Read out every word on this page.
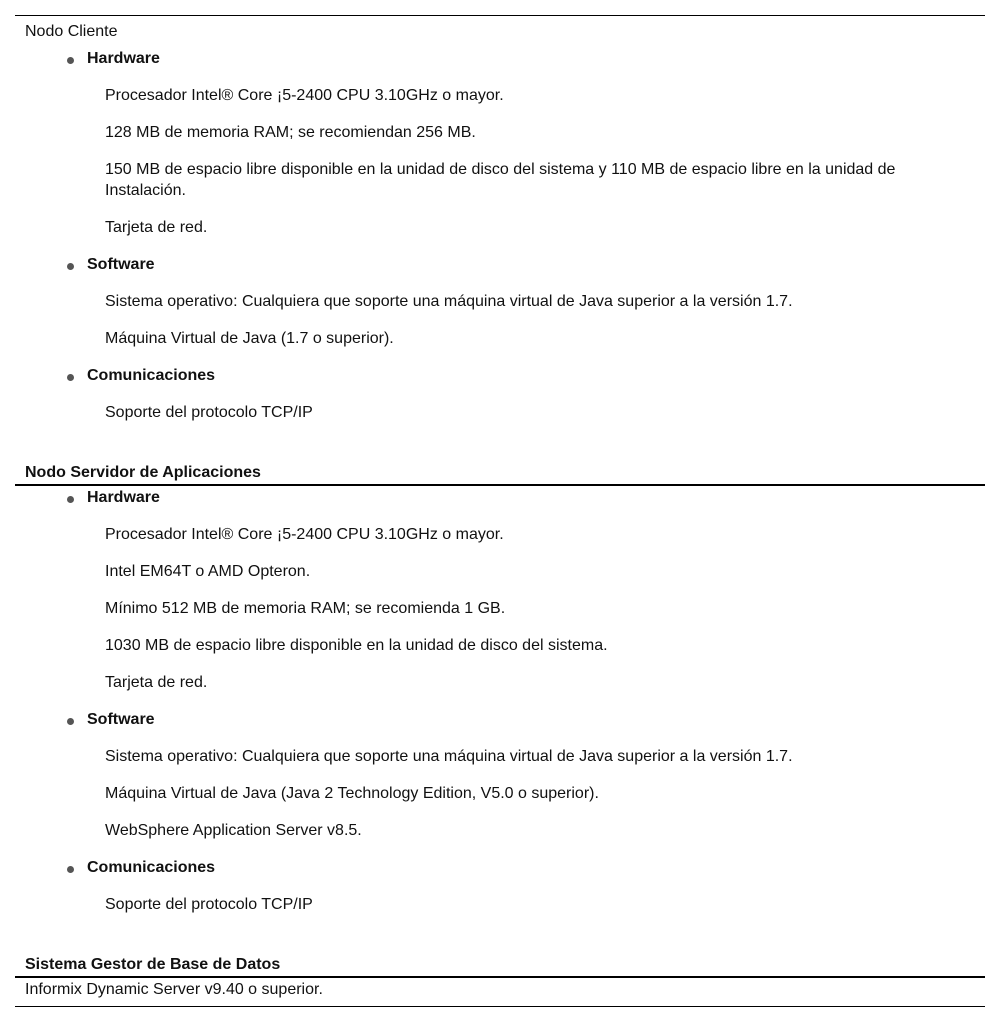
Nodo Cliente
Hardware
Procesador Intel® Core ¡5-2400 CPU 3.10GHz o mayor.
128 MB de memoria RAM; se recomiendan 256 MB.
150 MB de espacio libre disponible en la unidad de disco del sistema y 110 MB de espacio libre en la unidad de Instalación.
Tarjeta de red.
Software
Sistema operativo: Cualquiera que soporte una máquina virtual de Java superior a la versión 1.7.
Máquina Virtual de Java (1.7 o superior).
Comunicaciones
Soporte del protocolo TCP/IP
Nodo Servidor de Aplicaciones
Hardware
Procesador Intel® Core ¡5-2400 CPU 3.10GHz o mayor.
Intel EM64T o AMD Opteron.
Mínimo 512 MB de memoria RAM; se recomienda 1 GB.
1030 MB de espacio libre disponible en la unidad de disco del sistema.
Tarjeta de red.
Software
Sistema operativo: Cualquiera que soporte una máquina virtual de Java superior a la versión 1.7.
Máquina Virtual de Java (Java 2 Technology Edition, V5.0 o superior).
WebSphere Application Server v8.5.
Comunicaciones
Soporte del protocolo TCP/IP
Sistema Gestor de Base de Datos
Informix Dynamic Server v9.40 o superior.
